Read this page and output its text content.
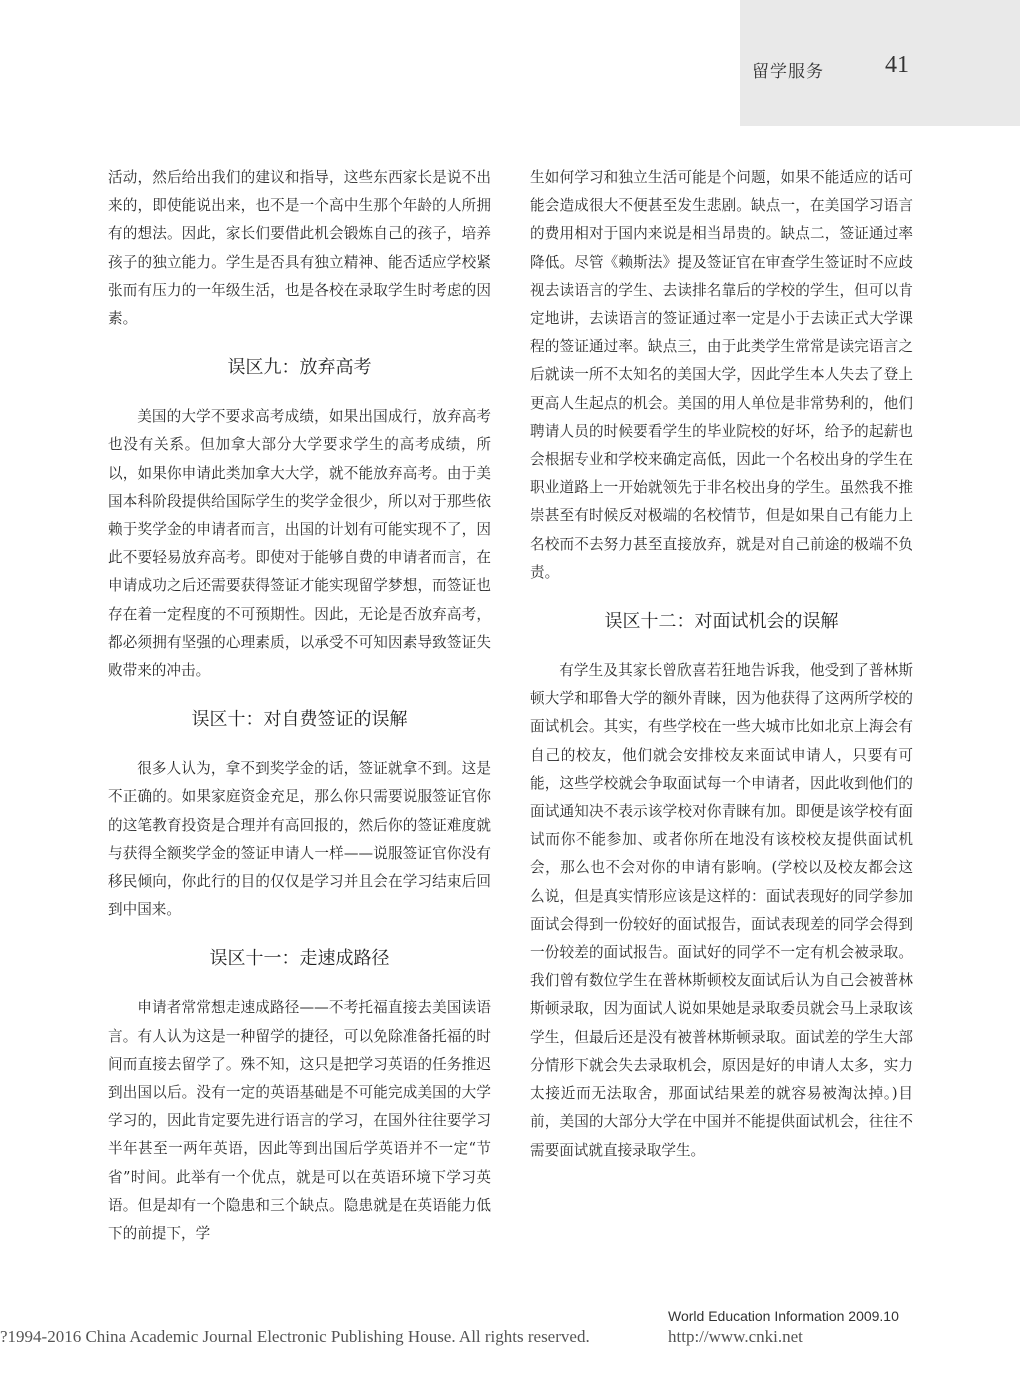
留学服务	41

活动，然后给出我们的建议和指导，这些东西家长是说不出来的，即使能说出来，也不是一个高中生那个年龄的人所拥有的想法。因此，家长们要借此机会锻炼自己的孩子，培养孩子的独立能力。学生是否具有独立精神、能否适应学校紧张而有压力的一年级生活，也是各校在录取学生时考虑的因素。

误区九：放弃高考

美国的大学不要求高考成绩，如果出国成行，放弃高考也没有关系。但加拿大部分大学要求学生的高考成绩，所以，如果你申请此类加拿大大学，就不能放弃高考。由于美国本科阶段提供给国际学生的奖学金很少，所以对于那些依赖于奖学金的申请者而言，出国的计划有可能实现不了，因此不要轻易放弃高考。即使对于能够自费的申请者而言，在申请成功之后还需要获得签证才能实现留学梦想，而签证也存在着一定程度的不可预期性。因此，无论是否放弃高考，都必须拥有坚强的心理素质，以承受不可知因素导致签证失败带来的冲击。

误区十：对自费签证的误解

很多人认为，拿不到奖学金的话，签证就拿不到。这是不正确的。如果家庭资金充足，那么你只需要说服签证官你的这笔教育投资是合理并有高回报的，然后你的签证难度就与获得全额奖学金的签证申请人一样——说服签证官你没有移民倾向，你此行的目的仅仅是学习并且会在学习结束后回到中国来。

误区十一：走速成路径

申请者常常想走速成路径——不考托福直接去美国读语言。有人认为这是一种留学的捷径，可以免除准备托福的时间而直接去留学了。殊不知，这只是把学习英语的任务推迟到出国以后。没有一定的英语基础是不可能完成美国的大学学习的，因此肯定要先进行语言的学习，在国外往往要学习半年甚至一两年英语，因此等到出国后学英语并不一定“节省”时间。此举有一个优点，就是可以在英语环境下学习英语。但是却有一个隐患和三个缺点。隐患就是在英语能力低下的前提下，学

生如何学习和独立生活可能是个问题，如果不能适应的话可能会造成很大不便甚至发生悲剧。缺点一，在美国学习语言的费用相对于国内来说是相当昂贵的。缺点二，签证通过率降低。尽管《赖斯法》提及签证官在审查学生签证时不应歧视去读语言的学生、去读排名靠后的学校的学生，但可以肯定地讲，去读语言的签证通过率一定是小于去读正式大学课程的签证通过率。缺点三，由于此类学生常常是读完语言之后就读一所不太知名的美国大学，因此学生本人失去了登上更高人生起点的机会。美国的用人单位是非常势利的，他们聘请人员的时候要看学生的毕业院校的好坏，给予的起薪也会根据专业和学校来确定高低，因此一个名校出身的学生在职业道路上一开始就领先于非名校出身的学生。虽然我不推崇甚至有时候反对极端的名校情节，但是如果自己有能力上名校而不去努力甚至直接放弃，就是对自己前途的极端不负责。

误区十二：对面试机会的误解

有学生及其家长曾欣喜若狂地告诉我，他受到了普林斯顿大学和耶鲁大学的额外青睐，因为他获得了这两所学校的面试机会。其实，有些学校在一些大城市比如北京上海会有自己的校友，他们就会安排校友来面试申请人，只要有可能，这些学校就会争取面试每一个申请者，因此收到他们的面试通知决不表示该学校对你青睐有加。即便是该学校有面试而你不能参加、或者你所在地没有该校校友提供面试机会，那么也不会对你的申请有影响。(学校以及校友都会这么说，但是真实情形应该是这样的：面试表现好的同学参加面试会得到一份较好的面试报告，面试表现差的同学会得到一份较差的面试报告。面试好的同学不一定有机会被录取。我们曾有数位学生在普林斯顿校友面试后认为自己会被普林斯顿录取，因为面试人说如果她是录取委员就会马上录取该学生，但最后还是没有被普林斯顿录取。面试差的学生大部分情形下就会失去录取机会，原因是好的申请人太多，实力太接近而无法取舍，那面试结果差的就容易被淘汰掉。)目前，美国的大部分大学在中国并不能提供面试机会，往往不需要面试就直接录取学生。

World Education Information 2009.10
?1994-2016 China Academic Journal Electronic Publishing House. All rights reserved.	http://www.cnki.net
